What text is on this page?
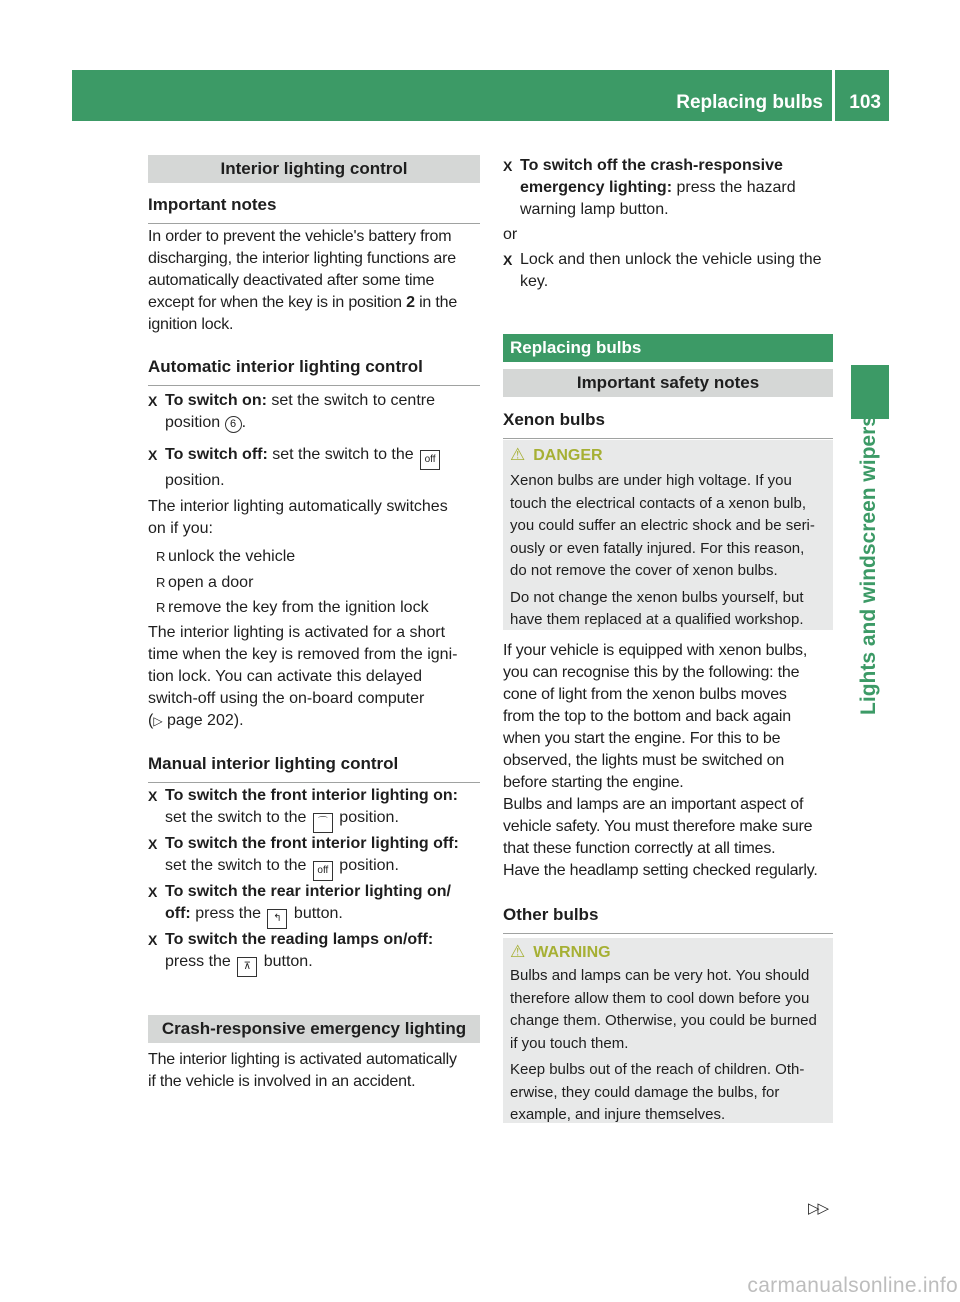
Replacing bulbs 103
Lights and windscreen wipers
Interior lighting control
Important notes
In order to prevent the vehicle's battery from
discharging, the interior lighting functions are
automatically deactivated after some time
except for when the key is in position 2 in the
ignition lock.
Automatic interior lighting control
X To switch on: set the switch to centre
position 6 .
X To switch off: set the switch to the off
position.
The interior lighting automatically switches
on if you:
R unlock the vehicle
R open a door
R remove the key from the ignition lock
The interior lighting is activated for a short
time when the key is removed from the igni-
tion lock. You can activate this delayed
switch-off using the on-board computer
(▷ page 202).
Manual interior lighting control
X To switch the front interior lighting on:
set the switch to the ⌒ position.
X To switch the front interior lighting off:
set the switch to the off position.
X To switch the rear interior lighting on/
off: press the ↰ button.
X To switch the reading lamps on/off:
press the ⊼ button.
Crash-responsive emergency lighting
The interior lighting is activated automatically
if the vehicle is involved in an accident.
X To switch off the crash-responsive
emergency lighting: press the hazard
warning lamp button.
or
X Lock and then unlock the vehicle using the
key.
Replacing bulbs
Important safety notes
Xenon bulbs
⚠ DANGER
Xenon bulbs are under high voltage. If you
touch the electrical contacts of a xenon bulb,
you could suffer an electric shock and be seri-
ously or even fatally injured. For this reason,
do not remove the cover of xenon bulbs.
Do not change the xenon bulbs yourself, but
have them replaced at a qualified workshop.
If your vehicle is equipped with xenon bulbs,
you can recognise this by the following: the
cone of light from the xenon bulbs moves
from the top to the bottom and back again
when you start the engine. For this to be
observed, the lights must be switched on
before starting the engine.
Bulbs and lamps are an important aspect of
vehicle safety. You must therefore make sure
that these function correctly at all times.
Have the headlamp setting checked regularly.
Other bulbs
⚠ WARNING
Bulbs and lamps can be very hot. You should
therefore allow them to cool down before you
change them. Otherwise, you could be burned
if you touch them.
Keep bulbs out of the reach of children. Oth-
erwise, they could damage the bulbs, for
example, and injure themselves.
▷▷
carmanualsonline.info
